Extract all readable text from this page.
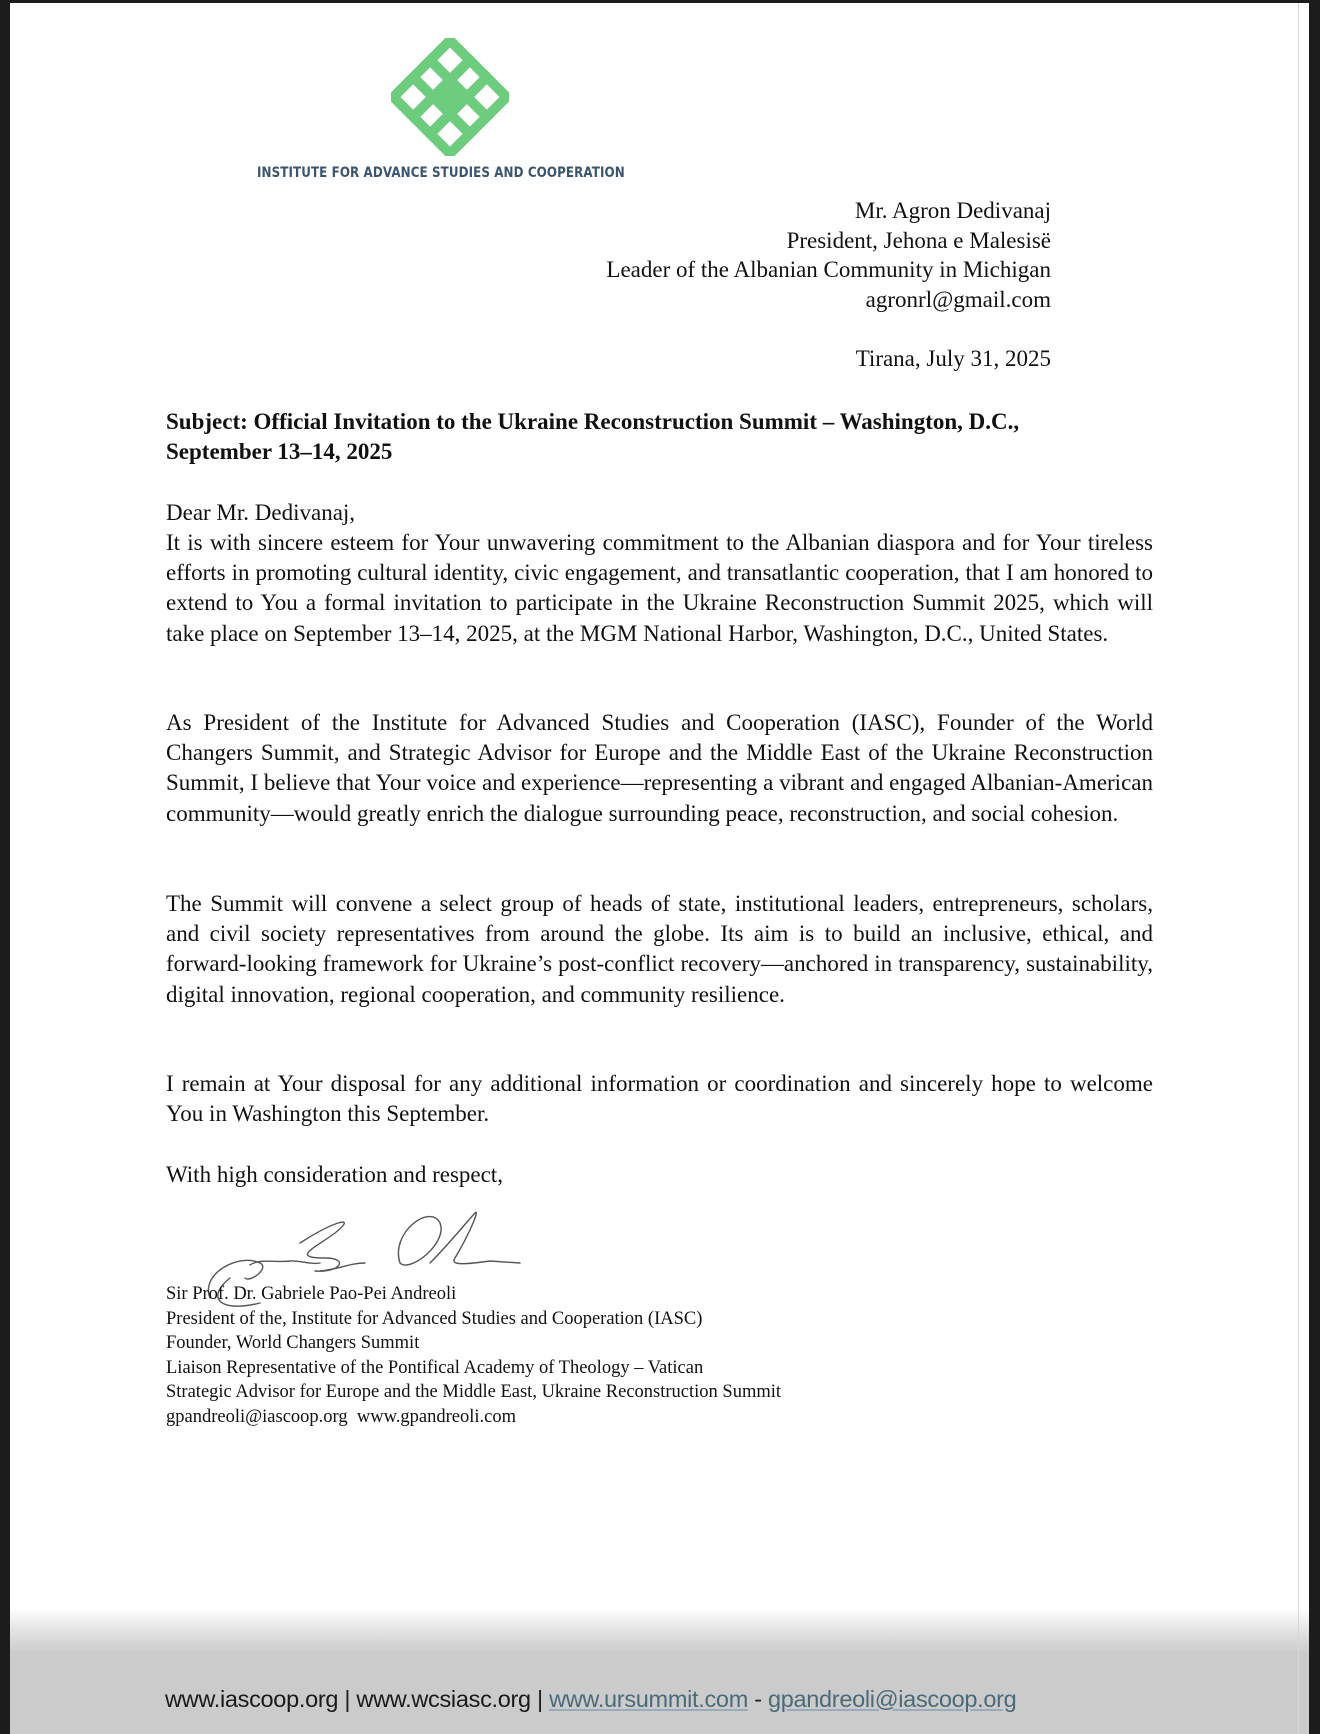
INSTITUTE FOR ADVANCE STUDIES AND COOPERATION
Mr. Agron Dedivanaj
President, Jehona e Malesisë
Leader of the Albanian Community in Michigan
agronrl@gmail.com
Tirana, July 31, 2025
Subject: Official Invitation to the Ukraine Reconstruction Summit – Washington, D.C.,
September 13–14, 2025
Dear Mr. Dedivanaj,
It is with sincere esteem for Your unwavering commitment to the Albanian diaspora and for Your tireless efforts in promoting cultural identity, civic engagement, and transatlantic cooperation, that I am honored to extend to You a formal invitation to participate in the Ukraine Reconstruction Summit 2025, which will take place on September 13–14, 2025, at the MGM National Harbor, Washington, D.C., United States.
As President of the Institute for Advanced Studies and Cooperation (IASC), Founder of the World Changers Summit, and Strategic Advisor for Europe and the Middle East of the Ukraine Reconstruction Summit, I believe that Your voice and experience—representing a vibrant and engaged Albanian-American community—would greatly enrich the dialogue surrounding peace, reconstruction, and social cohesion.
The Summit will convene a select group of heads of state, institutional leaders, entrepreneurs, scholars, and civil society representatives from around the globe. Its aim is to build an inclusive, ethical, and forward-looking framework for Ukraine’s post-conflict recovery—anchored in transparency, sustainability, digital innovation, regional cooperation, and community resilience.
I remain at Your disposal for any additional information or coordination and sincerely hope to welcome You in Washington this September.
With high consideration and respect,
Sir Prof. Dr. Gabriele Pao-Pei Andreoli
President of the, Institute for Advanced Studies and Cooperation (IASC)
Founder, World Changers Summit
Liaison Representative of the Pontifical Academy of Theology – Vatican
Strategic Advisor for Europe and the Middle East, Ukraine Reconstruction Summit
gpandreoli@iascoop.org www.gpandreoli.com
www.iascoop.org | www.wcsiasc.org | www.ursummit.com - gpandreoli@iascoop.org
